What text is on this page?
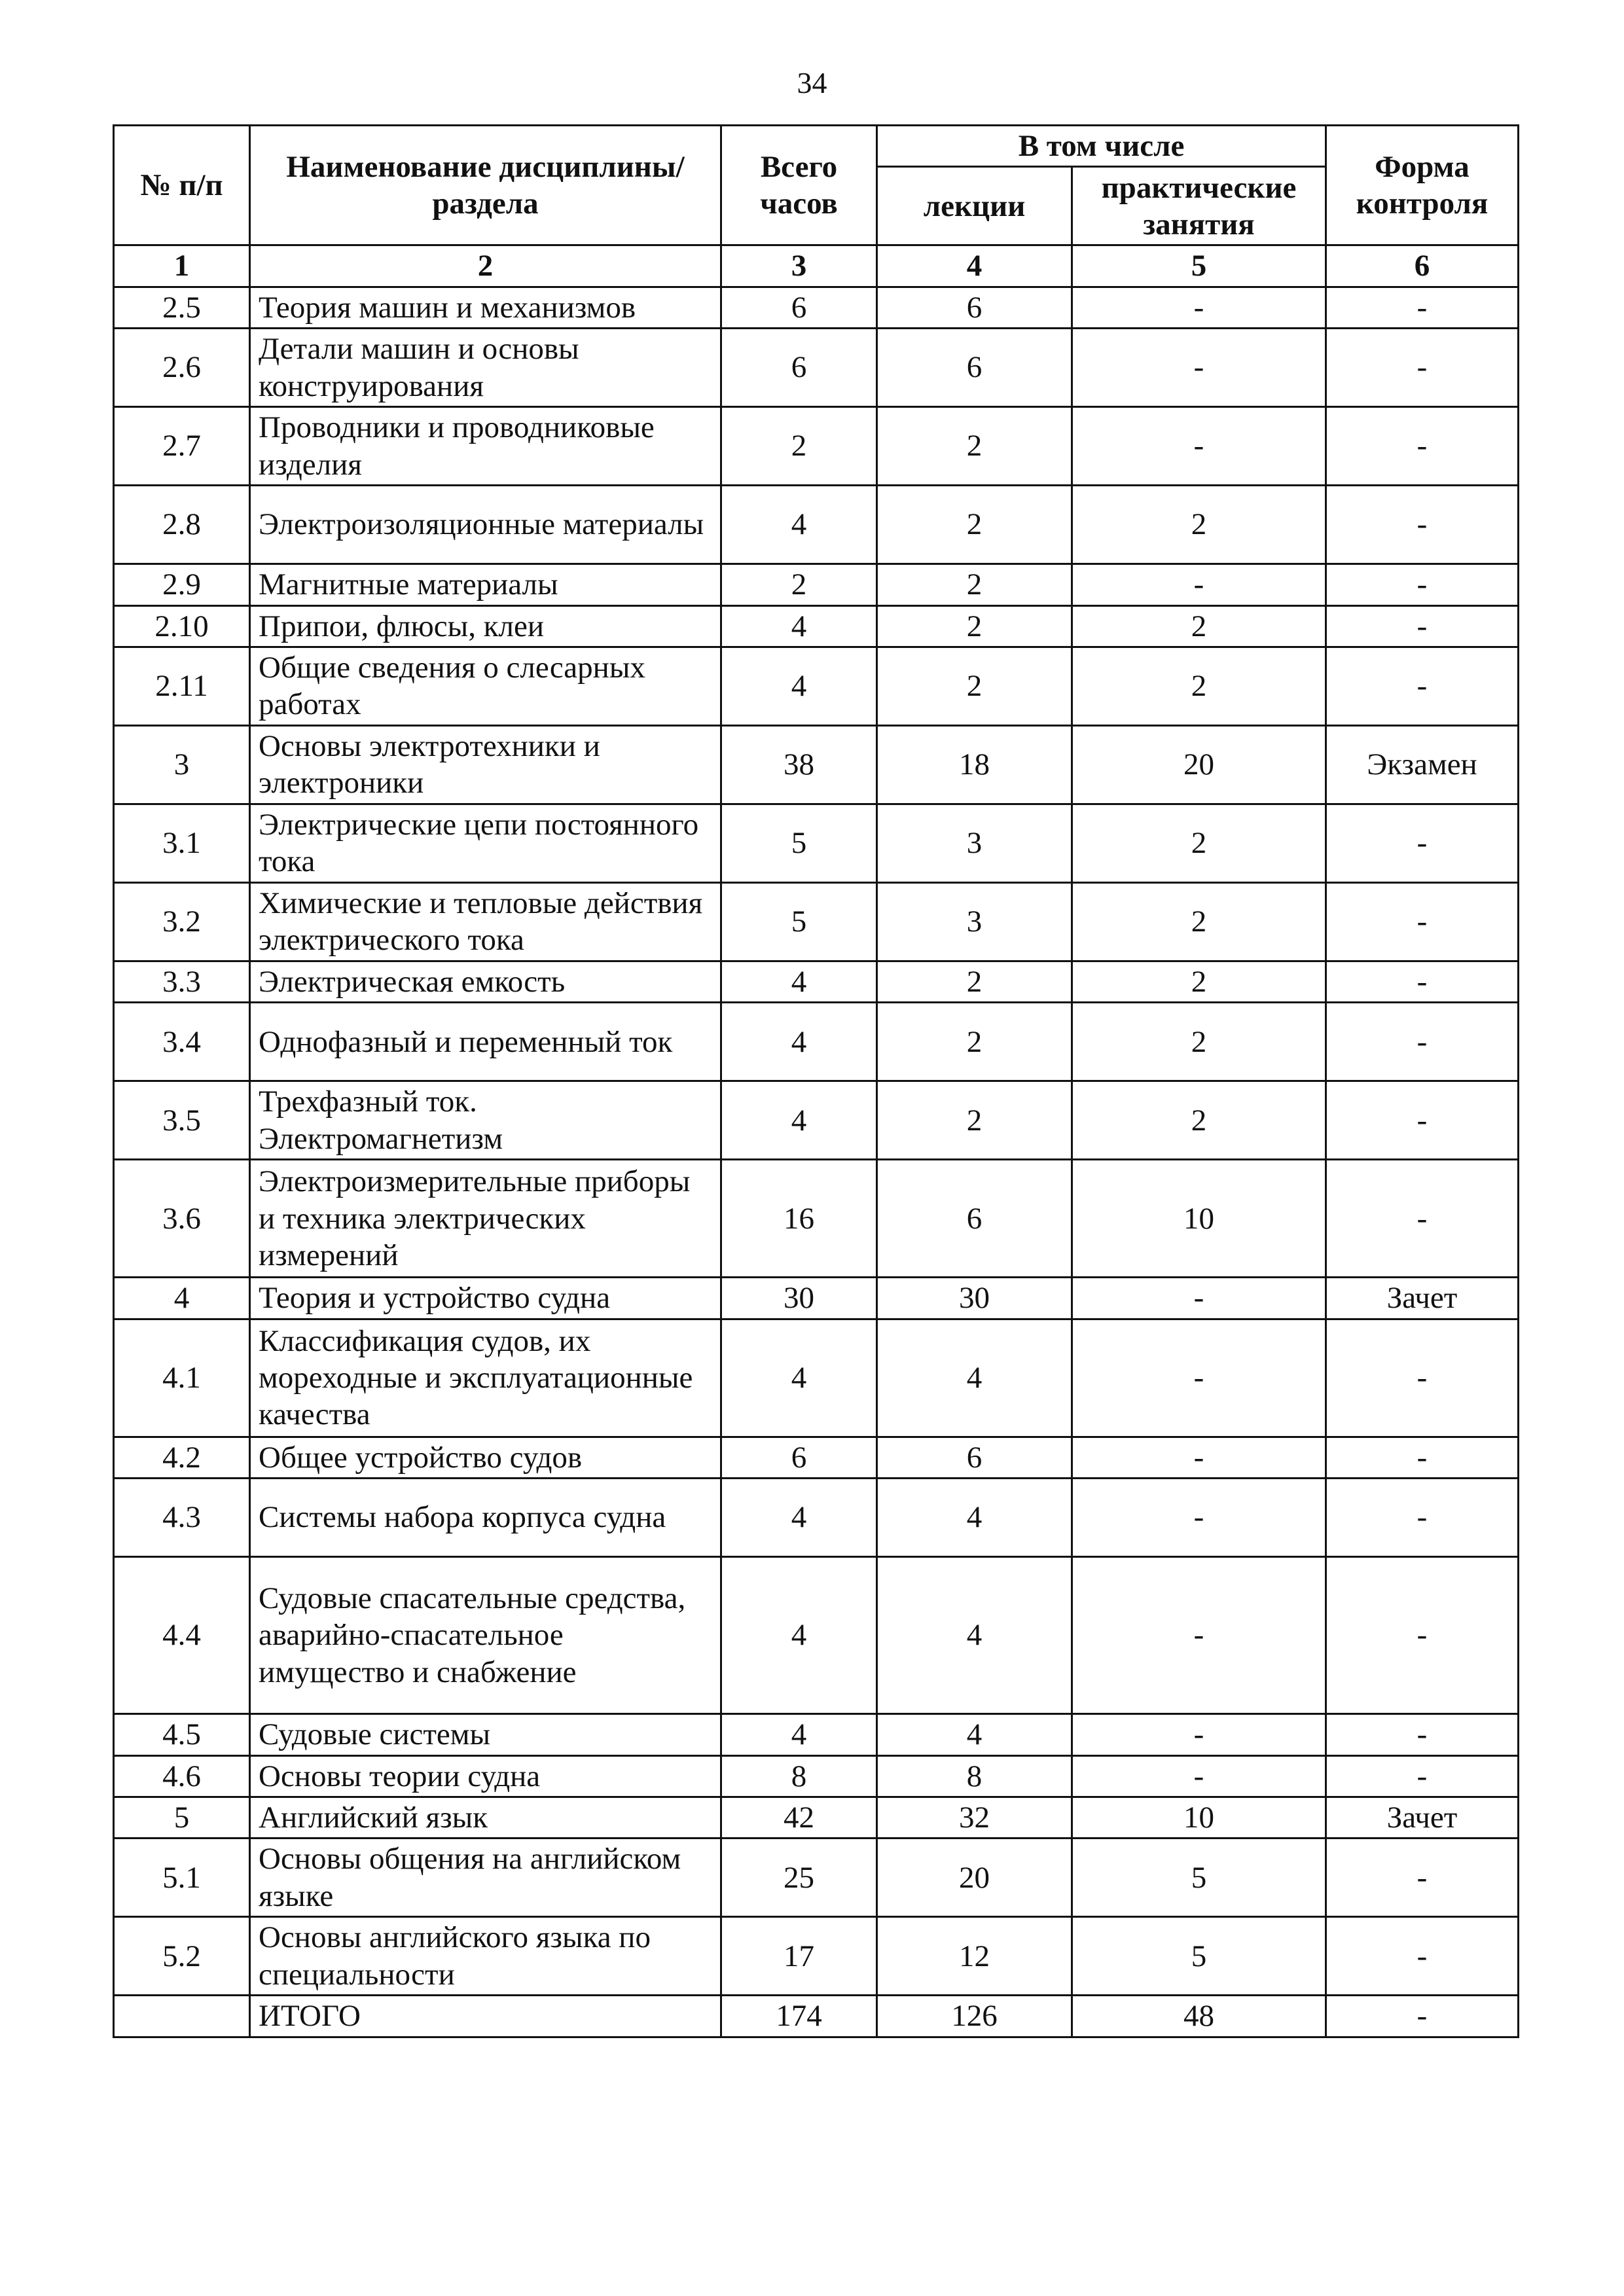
34
№ п/п	Наименование дисциплины/раздела	Всего часов	В том числе		Форма контроля
			лекции	практические занятия	
1	2	3	4	5	6
2.5	Теория машин и механизмов	6	6	-	-
2.6	Детали машин и основы конструирования	6	6	-	-
2.7	Проводники и проводниковые изделия	2	2	-	-
2.8	Электроизоляционные материалы	4	2	2	-
2.9	Магнитные материалы	2	2	-	-
2.10	Припои, флюсы, клеи	4	2	2	-
2.11	Общие сведения о слесарных работах	4	2	2	-
3	Основы электротехники и электроники	38	18	20	Экзамен
3.1	Электрические цепи постоянного тока	5	3	2	-
3.2	Химические и тепловые действия электрического тока	5	3	2	-
3.3	Электрическая емкость	4	2	2	-
3.4	Однофазный и переменный ток	4	2	2	-
3.5	Трехфазный ток. Электромагнетизм	4	2	2	-
3.6	Электроизмерительные приборы и техника электрических измерений	16	6	10	-
4	Теория и устройство судна	30	30	-	Зачет
4.1	Классификация судов, их мореходные и эксплуатационные качества	4	4	-	-
4.2	Общее устройство судов	6	6	-	-
4.3	Системы набора корпуса судна	4	4	-	-
4.4	Судовые спасательные средства, аварийно-спасательное имущество и снабжение	4	4	-	-
4.5	Судовые системы	4	4	-	-
4.6	Основы теории судна	8	8	-	-
5	Английский язык	42	32	10	Зачет
5.1	Основы общения на английском языке	25	20	5	-
5.2	Основы английского языка по специальности	17	12	5	-
	ИТОГО	174	126	48	-
